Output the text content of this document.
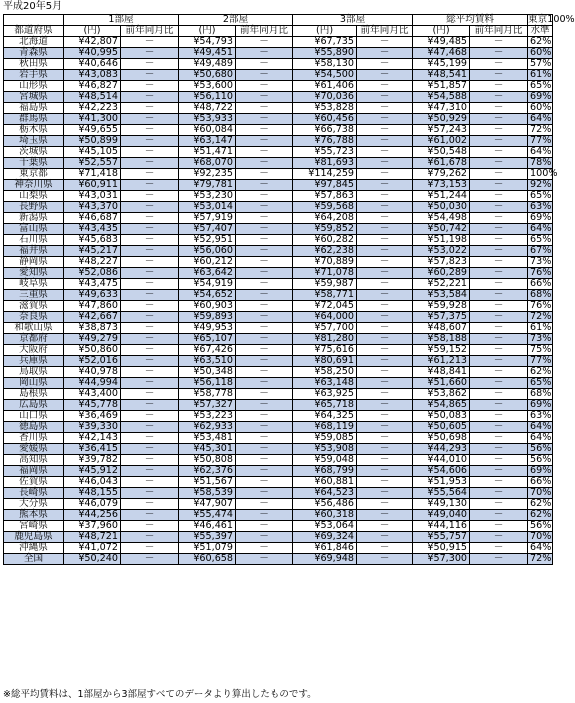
平成20年5月
	1部屋		2部屋		3部屋		総平均賃料		東京100%
都道府県	(円)	前年同月比	(円)	前年同月比	(円)	前年同月比	(円)	前年同月比	水準
北海道	¥42,807	－	¥54,793	－	¥67,735	－	¥49,485	－	62%
青森県	¥40,995	－	¥49,451	－	¥55,890	－	¥47,468	－	60%
秋田県	¥40,646	－	¥49,489	－	¥58,130	－	¥45,199	－	57%
岩手県	¥43,083	－	¥50,680	－	¥54,500	－	¥48,541	－	61%
山形県	¥46,827	－	¥53,600	－	¥61,406	－	¥51,857	－	65%
宮城県	¥48,514	－	¥56,110	－	¥70,036	－	¥54,588	－	69%
福島県	¥42,223	－	¥48,722	－	¥53,828	－	¥47,310	－	60%
群馬県	¥41,300	－	¥53,933	－	¥60,456	－	¥50,929	－	64%
栃木県	¥49,655	－	¥60,084	－	¥66,738	－	¥57,243	－	72%
埼玉県	¥50,899	－	¥63,147	－	¥76,788	－	¥61,002	－	77%
茨城県	¥45,105	－	¥51,471	－	¥55,723	－	¥50,548	－	64%
千葉県	¥52,557	－	¥68,070	－	¥81,693	－	¥61,678	－	78%
東京都	¥71,418	－	¥92,235	－	¥114,259	－	¥79,262	－	100%
神奈川県	¥60,911	－	¥79,781	－	¥97,845	－	¥73,153	－	92%
山梨県	¥43,031	－	¥53,230	－	¥57,863	－	¥51,244	－	65%
長野県	¥43,370	－	¥53,014	－	¥59,568	－	¥50,030	－	63%
新潟県	¥46,687	－	¥57,919	－	¥64,208	－	¥54,498	－	69%
富山県	¥43,435	－	¥57,407	－	¥59,852	－	¥50,742	－	64%
石川県	¥45,683	－	¥52,951	－	¥60,282	－	¥51,198	－	65%
福井県	¥45,217	－	¥56,060	－	¥62,238	－	¥53,022	－	67%
静岡県	¥48,227	－	¥60,212	－	¥70,889	－	¥57,823	－	73%
愛知県	¥52,086	－	¥63,642	－	¥71,078	－	¥60,289	－	76%
岐阜県	¥43,475	－	¥54,919	－	¥59,987	－	¥52,221	－	66%
三重県	¥49,633	－	¥54,652	－	¥58,771	－	¥53,584	－	68%
滋賀県	¥47,860	－	¥60,903	－	¥72,045	－	¥59,928	－	76%
奈良県	¥42,667	－	¥59,893	－	¥64,000	－	¥57,375	－	72%
和歌山県	¥38,873	－	¥49,953	－	¥57,700	－	¥48,607	－	61%
京都府	¥49,279	－	¥65,107	－	¥81,280	－	¥58,188	－	73%
大阪府	¥50,860	－	¥67,426	－	¥75,616	－	¥59,152	－	75%
兵庫県	¥52,016	－	¥63,510	－	¥80,691	－	¥61,213	－	77%
鳥取県	¥40,978	－	¥50,348	－	¥58,250	－	¥48,841	－	62%
岡山県	¥44,994	－	¥56,118	－	¥63,148	－	¥51,660	－	65%
島根県	¥43,400	－	¥58,778	－	¥63,925	－	¥53,862	－	68%
広島県	¥45,778	－	¥57,327	－	¥65,718	－	¥54,865	－	69%
山口県	¥36,469	－	¥53,223	－	¥64,325	－	¥50,083	－	63%
徳島県	¥39,330	－	¥62,933	－	¥68,119	－	¥50,605	－	64%
香川県	¥42,143	－	¥53,481	－	¥59,085	－	¥50,698	－	64%
愛媛県	¥36,415	－	¥45,301	－	¥53,908	－	¥44,293	－	56%
高知県	¥39,782	－	¥50,808	－	¥59,048	－	¥44,010	－	56%
福岡県	¥45,912	－	¥62,376	－	¥68,799	－	¥54,606	－	69%
佐賀県	¥46,043	－	¥51,567	－	¥60,881	－	¥51,953	－	66%
長崎県	¥48,155	－	¥58,539	－	¥64,523	－	¥55,564	－	70%
大分県	¥46,079	－	¥47,907	－	¥56,486	－	¥49,130	－	62%
熊本県	¥44,256	－	¥55,474	－	¥60,318	－	¥49,040	－	62%
宮崎県	¥37,960	－	¥46,461	－	¥53,064	－	¥44,116	－	56%
鹿児島県	¥48,721	－	¥55,397	－	¥69,324	－	¥55,757	－	70%
沖縄県	¥41,072	－	¥51,079	－	¥61,846	－	¥50,915	－	64%
全国	¥50,240	－	¥60,658	－	¥69,948	－	¥57,300	－	72%
※総平均賃料は、1部屋から3部屋すべてのデータより算出したものです。
